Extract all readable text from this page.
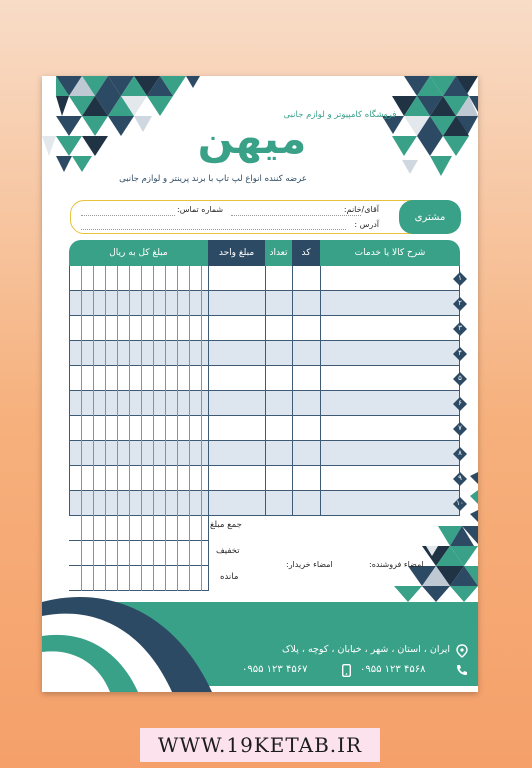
فروشگاه کامپیوتر و لوازم جانبی
میهن
عرضه کننده انواع لپ تاپ با برند پرینتر و لوازم جانبی
مشتری
آقای/خانم:
شماره تماس:
آدرس :
شرح کالا یا خدمات
کد
تعداد
مبلغ واحد
مبلغ کل به ریال
۱
۲
۳
۴
۵
۶
۷
۸
۹
۱۰
جمع مبلغ
تخفیف
مانده
امضاء فروشنده:
امضاء خریدار:
ایران ، استان ، شهر ، خیابان ، کوچه ، پلاک
۰۹۵۵ ۱۲۳ ۴۵۶۸
۰۹۵۵ ۱۲۳ ۴۵۶۷
WWW.19KETAB.IR
